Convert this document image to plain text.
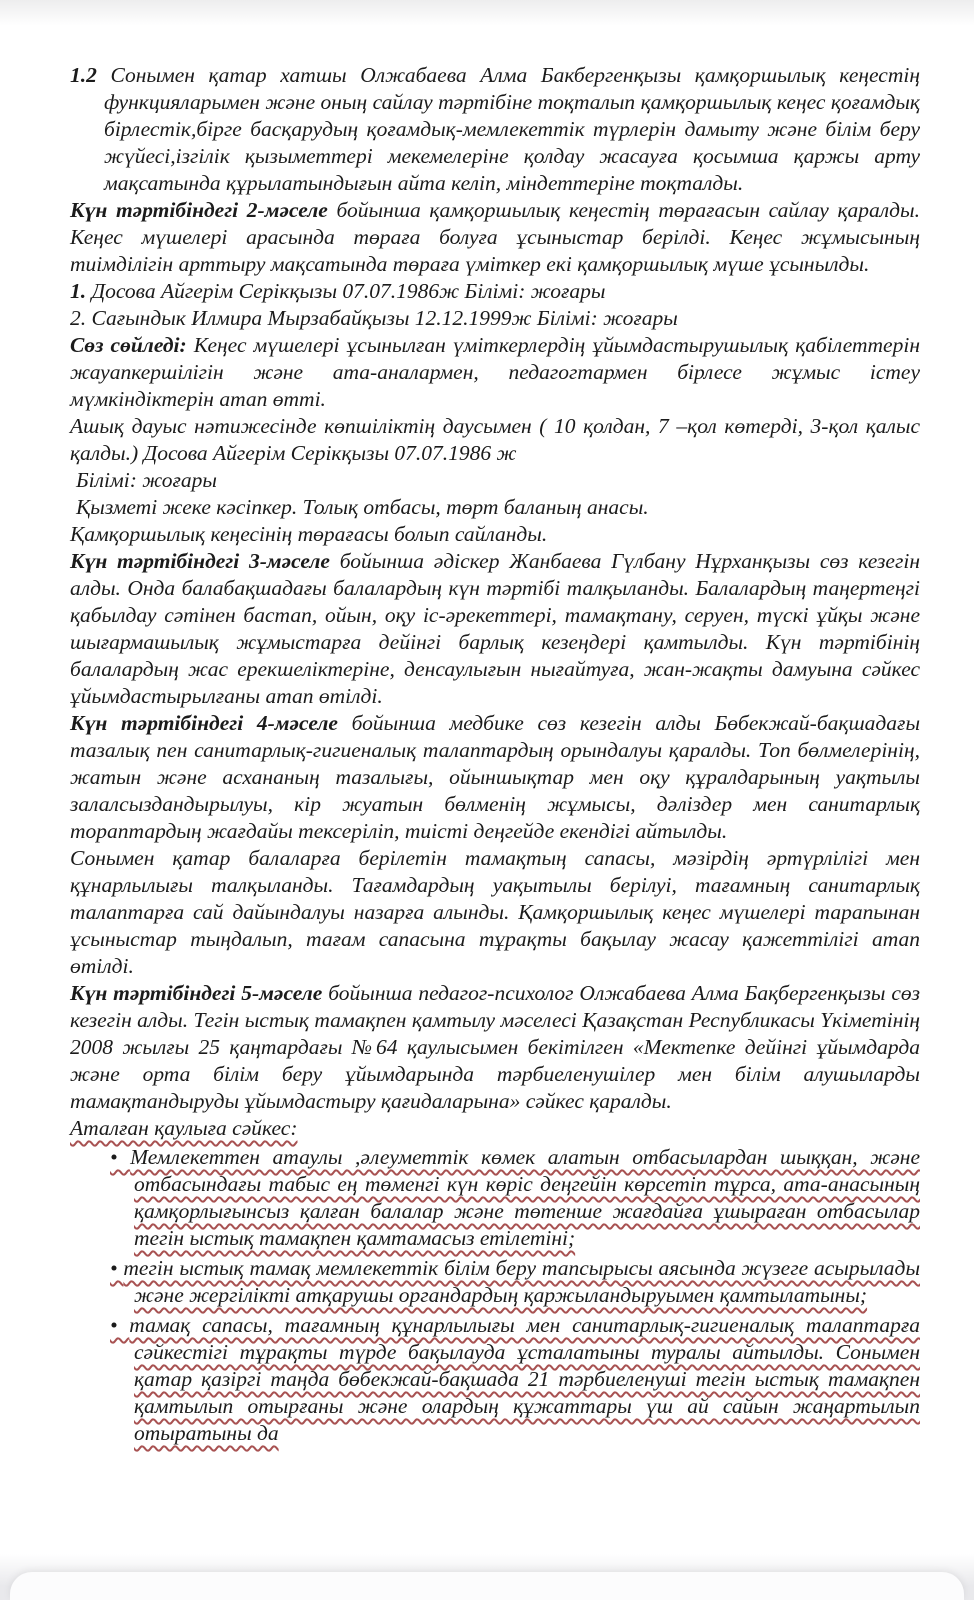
1.2 Сонымен қатар хатшы Олжабаева Алма Бакбергенқызы қамқоршылық кеңестің функцияларымен және оның сайлау тәртібіне тоқталып қамқоршылық кеңес қоғамдық бірлестік,бірге басқарудың қоғамдық-мемлекеттік түрлерін дамыту және білім беру жүйесі,ізгілік қызыметтері мекемелеріне қолдау жасауға қосымша қаржы арту мақсатында құрылатындығын айта келіп, міндеттеріне тоқталды.

Күн тәртібіндегі 2-мәселе бойынша қамқоршылық кеңестің төрағасын сайлау қаралды. Кеңес мүшелері арасында төраға болуға ұсыныстар берілді. Кеңес жұмысының тиімділігін арттыру мақсатында төраға үміткер екі қамқоршылық мүше ұсынылды.

1. Досова Айгерім Серікқызы 07.07.1986ж Білімі: жоғары

2. Сағындык Илмира Мырзабайқызы 12.12.1999ж Білімі: жоғары

Сөз сөйледі: Кеңес мүшелері ұсынылған үміткерлердің ұйымдастырушылық қабілеттерін жауапкершілігін және ата-аналармен, педагогтармен бірлесе жұмыс істеу мүмкіндіктерін атап өтті.

Ашық дауыс нәтижесінде көпшіліктің даусымен ( 10 қолдан, 7 –қол көтерді, 3-қол қалыс қалды.) Досова Айгерім Серікқызы 07.07.1986 ж

Білімі: жоғары

Қызметі жеке кәсіпкер. Толық отбасы, төрт баланың анасы.

Қамқоршылық кеңесінің төрағасы болып сайланды.

Күн тәртібіндегі 3-мәселе бойынша әдіскер Жанбаева Гүлбану Нұрханқызы сөз кезегін алды. Онда балабақшадағы балалардың күн тәртібі талқыланды. Балалардың таңертеңгі қабылдау сәтінен бастап, ойын, оқу іс-әрекеттері, тамақтану, серуен, түскі ұйқы және шығармашылық жұмыстарға дейінгі барлық кезеңдері қамтылды. Күн тәртібінің балалардың жас ерекшеліктеріне, денсаулығын нығайтуға, жан-жақты дамуына сәйкес ұйымдастырылғаны атап өтілді.

Күн тәртібіндегі 4-мәселе бойынша медбике сөз кезегін алды Бөбекжай-бақшадағы тазалық пен санитарлық-гигиеналық талаптардың орындалуы қаралды. Топ бөлмелерінің, жатын және асхананың тазалығы, ойыншықтар мен оқу құралдарының уақтылы залалсыздандырылуы, кір жуатын бөлменің жұмысы, дәліздер мен санитарлық тораптардың жағдайы тексеріліп, тиісті деңгейде екендігі айтылды.

Сонымен қатар балаларға берілетін тамақтың сапасы, мәзірдің әртүрлілігі мен құнарлылығы талқыланды. Тағамдардың уақытылы берілуі, тағамның санитарлық талаптарға сай дайындалуы назарға алынды. Қамқоршылық кеңес мүшелері тарапынан ұсыныстар тыңдалып, тағам сапасына тұрақты бақылау жасау қажеттілігі атап өтілді.

Күн тәртібіндегі 5-мәселе бойынша педагог-психолог Олжабаева Алма Бақбергенқызы сөз кезегін алды. Тегін ыстық тамақпен қамтылу мәселесі Қазақстан Республикасы Үкіметінің 2008 жылғы 25 қаңтардағы №64 қаулысымен бекітілген «Мектепке дейінгі ұйымдарда және орта білім беру ұйымдарында тәрбиеленушілер мен білім алушыларды тамақтандыруды ұйымдастыру қағидаларына» сәйкес қаралды.

Аталған қаулыға сәйкес:

• Мемлекеттен атаулы ,әлеуметтік көмек алатын отбасылардан шыққан, және отбасындағы табыс ең төменгі күн көріс деңгейін көрсетіп тұрса, ата-анасының қамқорлығынсыз қалған балалар және төтенше жағдайға ұшыраған отбасылар тегін ыстық тамақпен қамтамасыз етілетіні;
• тегін ыстық тамақ мемлекеттік білім беру тапсырысы аясында жүзеге асырылады және жергілікті атқарушы органдардың қаржыландыруымен қамтылатыны;
• тамақ сапасы, тағамның құнарлылығы мен санитарлық-гигиеналық талаптарға сәйкестігі тұрақты түрде бақылауда ұсталатыны туралы айтылды. Сонымен қатар қазіргі таңда бөбекжай-бақшада 21 тәрбиеленуші тегін ыстық тамақпен қамтылып отырғаны және олардың құжаттары үш ай сайын жаңартылып отыратыны да
